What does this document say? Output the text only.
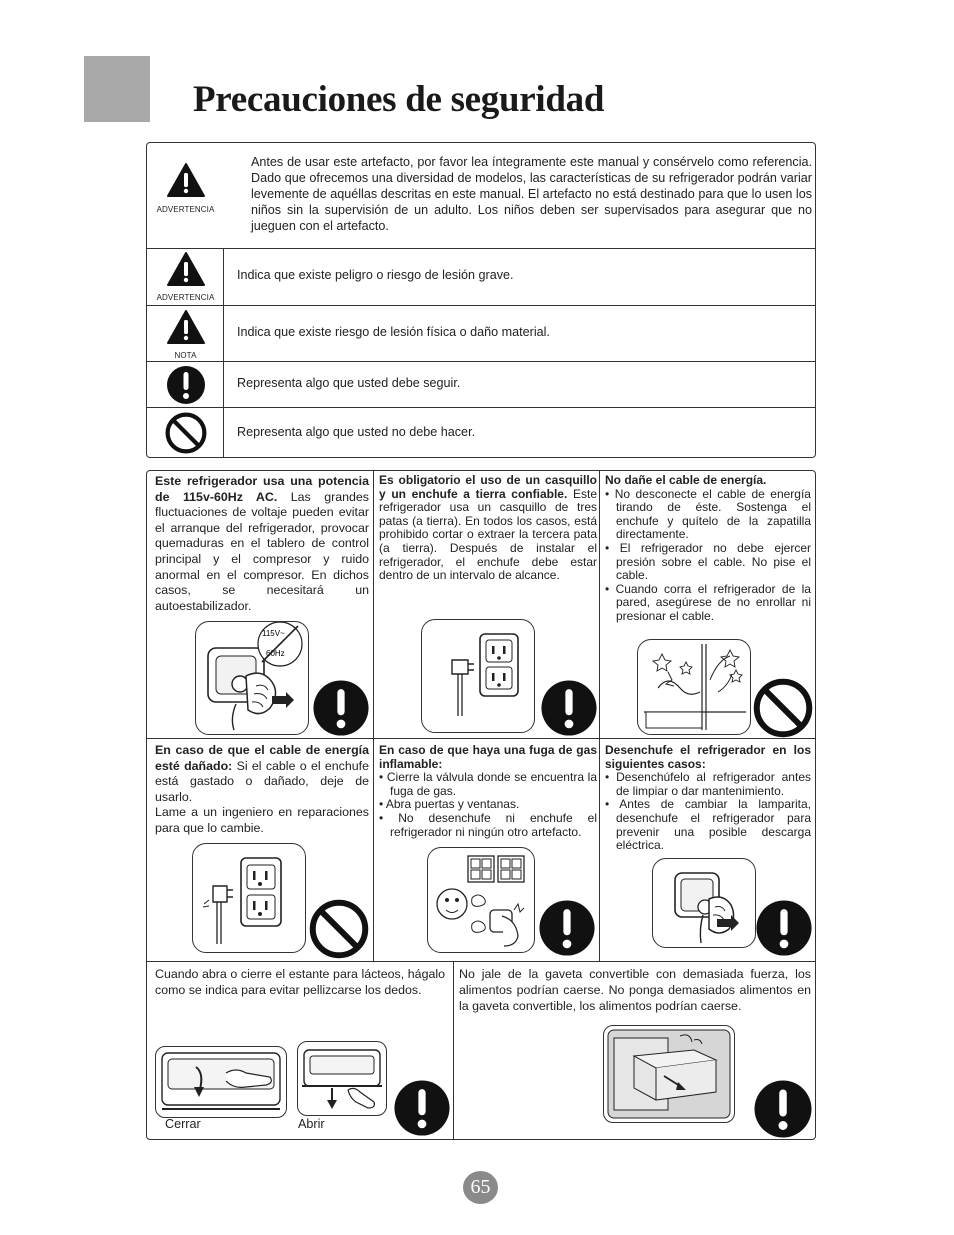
Precauciones de seguridad
ADVERTENCIA
Antes de usar este artefacto, por favor lea íntegramente este manual y consérvelo como referencia. Dado que ofrecemos una diversidad de modelos, las características de su refrigerador podrán variar levemente de aquéllas descritas en este manual. El artefacto no está destinado para que lo usen los niños sin la supervisión de un adulto. Los niños deben ser supervisados para asegurar que no jueguen con el artefacto.
ADVERTENCIA
Indica que existe peligro o riesgo de lesión grave.
NOTA
Indica que existe riesgo de lesión física o daño material.
Representa algo que usted debe seguir.
Representa algo que usted no debe hacer.
Este refrigerador usa una potencia de 115v-60Hz AC. Las grandes fluctuaciones de voltaje pueden evitar el arranque del refrigerador, provocar quemaduras en el tablero de control principal y el compresor y ruido anormal en el compresor. En dichos casos, se necesitará un autoestabilizador.
115V~
60Hz
Es obligatorio el uso de un casquillo y un enchufe a tierra confiable. Este refrigerador usa un casquillo de tres patas (a tierra). En todos los casos, está prohibido cortar o extraer la tercera pata (a tierra). Después de instalar el refrigerador, el enchufe debe estar dentro de un intervalo de alcance.
No dañe el cable de energía.
• No desconecte el cable de energía tirando de éste. Sostenga el enchufe y quítelo de la zapatilla directamente.
• El refrigerador no debe ejercer presión sobre el cable. No pise el cable.
• Cuando corra el refrigerador de la pared, asegúrese de no enrollar ni presionar el cable.
En caso de que el cable de energía esté dañado: Si el cable o el enchufe está gastado o dañado, deje de usarlo.
Lame a un ingeniero en reparaciones para que lo cambie.
En caso de que haya una fuga de gas inflamable:
• Cierre la válvula donde se encuentra la fuga de gas.
• Abra puertas y ventanas.
• No desenchufe ni enchufe el refrigerador ni ningún otro artefacto.
Desenchufe el refrigerador en los siguientes casos:
• Desenchúfelo al refrigerador antes de limpiar o dar mantenimiento.
• Antes de cambiar la lamparita, desenchufe el refrigerador para prevenir una posible descarga eléctrica.
Cuando abra o cierre el estante para lácteos, hágalo como se indica para evitar pellizcarse los dedos.
Cerrar	Abrir
No jale de la gaveta convertible con demasiada fuerza, los alimentos podrían caerse. No ponga demasiados alimentos en la gaveta convertible, los alimentos podrían caerse.
65
